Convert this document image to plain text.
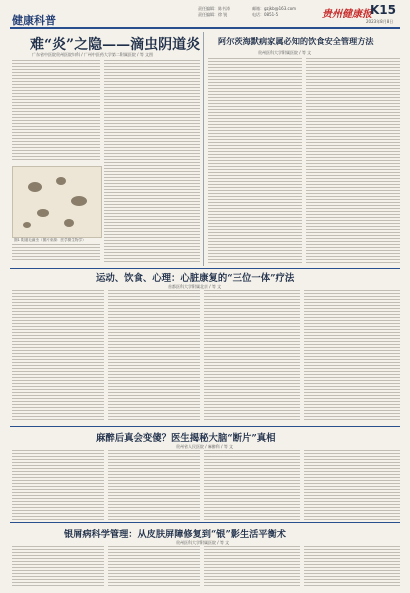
健康科普
责任编辑：陈书涛
责任编辑：徐 锐
邮箱：gzjkb@163.com
电话：0851-5	贵州健康报
K15
2023年8月8日
难“炎”之隐——滴虫阴道炎
广东省中医院贵州医院妇科 / 广州中医药大学第二附属医院 / 等 文图
图1 阴道毛滴虫（图片来源：医学微生物学）
阿尔茨海默病家属必知的饮食安全管理方法
贵州医科大学附属医院 / 等 文
运动、饮食、心理：心脏康复的“三位一体”疗法
首都医科大学附属北京 / 等 文
麻醉后真会变傻？医生揭秘大脑“断片”真相
贵州省人民医院 / 麻醉科 / 等 文
银屑病科学管理：从皮肤屏障修复到“银”影生活平衡术
贵州医科大学附属医院 / 等 文
